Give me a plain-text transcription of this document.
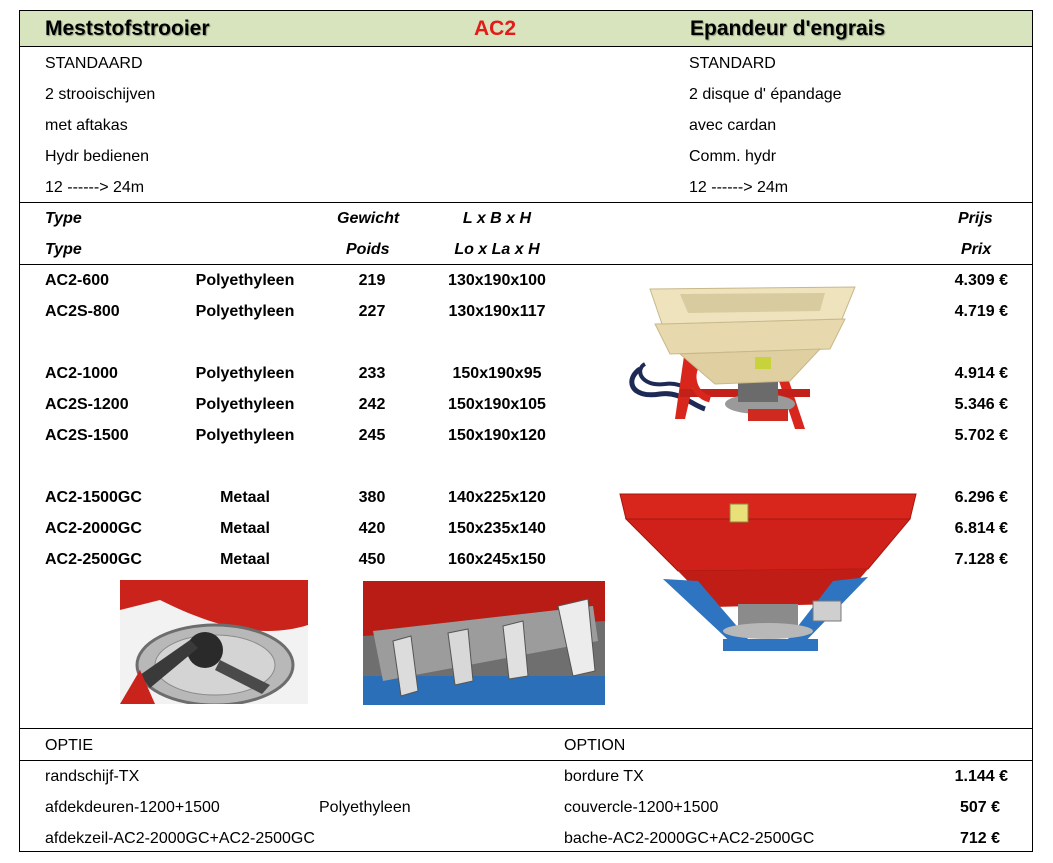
Meststofstrooier	AC2	Epandeur d'engrais
STANDAARD
2 strooischijven
met aftakas
Hydr bedienen
12 ------> 24m
STANDARD
2 disque d' épandage
avec cardan
Comm. hydr
12 ------> 24m
Type	Gewicht	L x B x H	Prijs
Type	Poids	Lo x La x H	Prix
AC2-600	Polyethyleen	219	130x190x100	4.309 €
AC2S-800	Polyethyleen	227	130x190x117	4.719 €
AC2-1000	Polyethyleen	233	150x190x95	4.914 €
AC2S-1200	Polyethyleen	242	150x190x105	5.346 €
AC2S-1500	Polyethyleen	245	150x190x120	5.702 €
AC2-1500GC	Metaal	380	140x225x120	6.296 €
AC2-2000GC	Metaal	420	150x235x140	6.814 €
AC2-2500GC	Metaal	450	160x245x150	7.128 €
OPTIE	OPTION
randschijf-TX	bordure TX	1.144 €
afdekdeuren-1200+1500	Polyethyleen	couvercle-1200+1500	507 €
afdekzeil-AC2-2000GC+AC2-2500GC	bache-AC2-2000GC+AC2-2500GC	712 €
